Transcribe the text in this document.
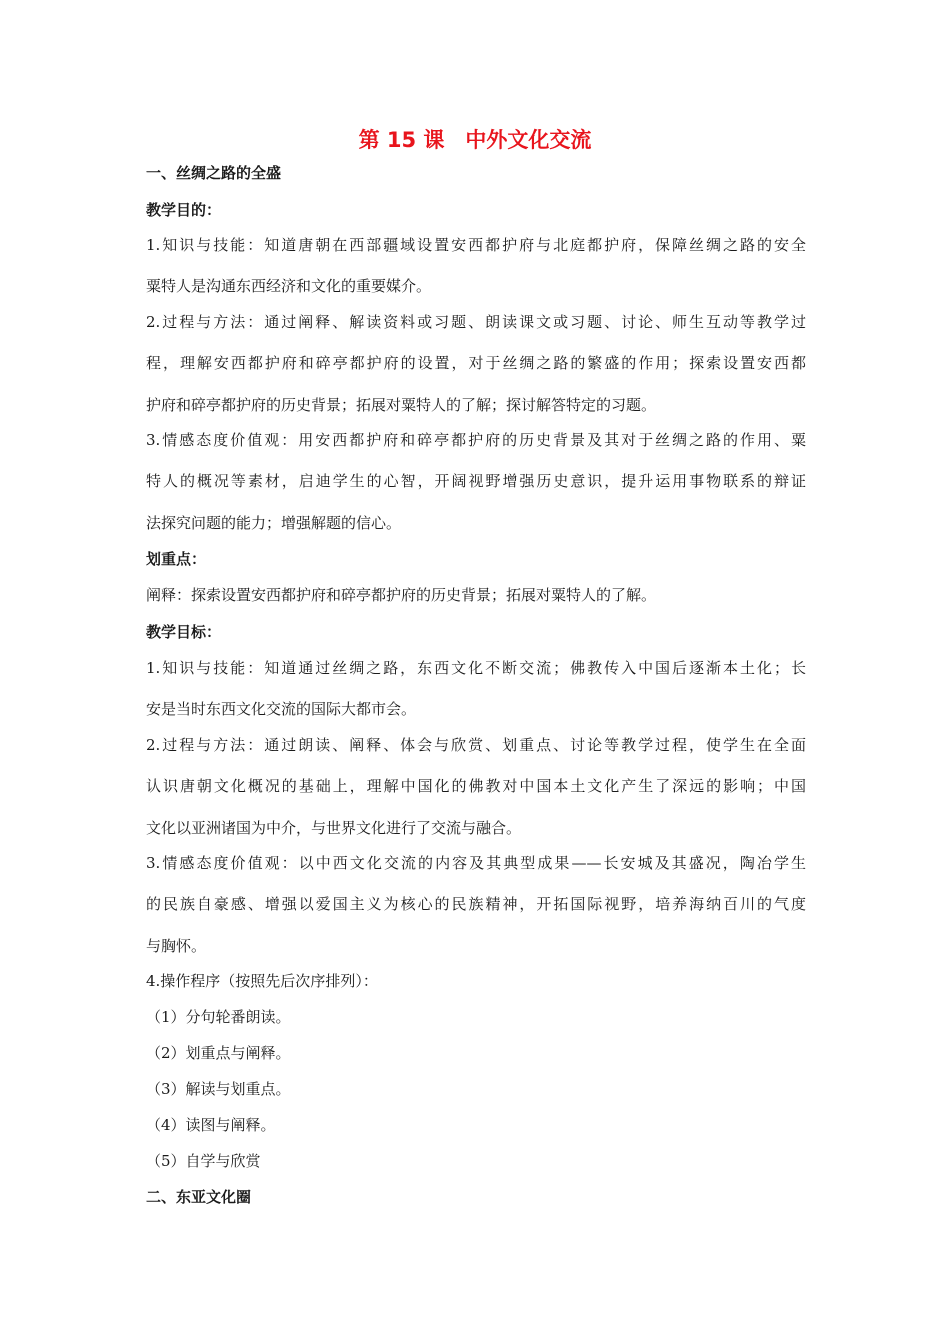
第 15 课　中外文化交流

一、丝绸之路的全盛

教学目的：

1.知识与技能：知道唐朝在西部疆域设置安西都护府与北庭都护府，保障丝绸之路的安全

粟特人是沟通东西经济和文化的重要媒介。

2.过程与方法：通过阐释、解读资料或习题、朗读课文或习题、讨论、师生互动等教学过

程，理解安西都护府和碎亭都护府的设置，对于丝绸之路的繁盛的作用；探索设置安西都

护府和碎亭都护府的历史背景；拓展对粟特人的了解；探讨解答特定的习题。

3.情感态度价值观：用安西都护府和碎亭都护府的历史背景及其对于丝绸之路的作用、粟

特人的概况等素材，启迪学生的心智，开阔视野增强历史意识，提升运用事物联系的辩证

法探究问题的能力；增强解题的信心。

划重点：

阐释：探索设置安西都护府和碎亭都护府的历史背景；拓展对粟特人的了解。

教学目标：

1.知识与技能：知道通过丝绸之路，东西文化不断交流；佛教传入中国后逐渐本土化；长

安是当时东西文化交流的国际大都市会。

2.过程与方法：通过朗读、阐释、体会与欣赏、划重点、讨论等教学过程，使学生在全面

认识唐朝文化概况的基础上，理解中国化的佛教对中国本土文化产生了深远的影响；中国

文化以亚洲诸国为中介，与世界文化进行了交流与融合。

3.情感态度价值观：以中西文化交流的内容及其典型成果——长安城及其盛况，陶冶学生

的民族自豪感、增强以爱国主义为核心的民族精神，开拓国际视野，培养海纳百川的气度

与胸怀。

4.操作程序（按照先后次序排列）：

（1）分句轮番朗读。

（2）划重点与阐释。

（3）解读与划重点。

（4）读图与阐释。

（5）自学与欣赏

二、东亚文化圈
